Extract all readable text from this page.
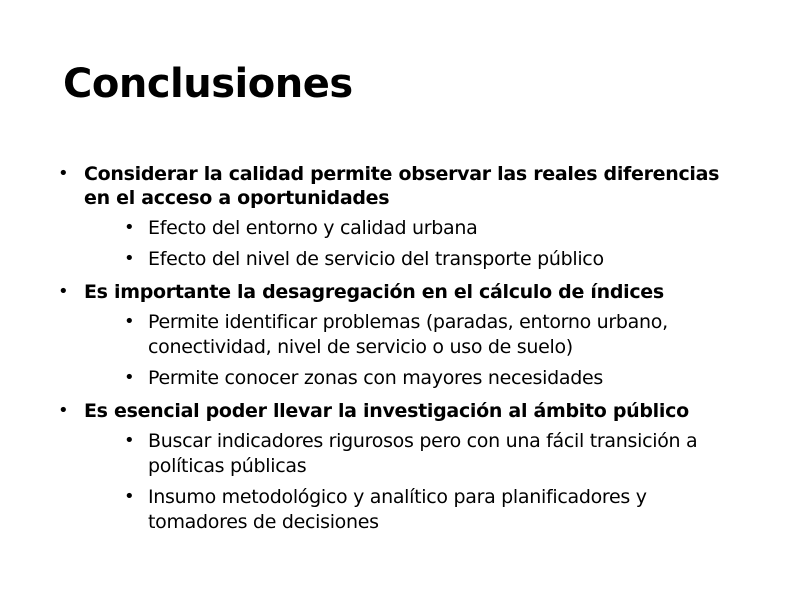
Conclusiones
• Considerar la calidad permite observar las reales diferencias en el acceso a oportunidades
• Efecto del entorno y calidad urbana
• Efecto del nivel de servicio del transporte público
• Es importante la desagregación en el cálculo de índices
• Permite identificar problemas (paradas, entorno urbano, conectividad, nivel de servicio o uso de suelo)
• Permite conocer zonas con mayores necesidades
• Es esencial poder llevar la investigación al ámbito público
• Buscar indicadores rigurosos pero con una fácil transición a políticas públicas
• Insumo metodológico y analítico para planificadores y tomadores de decisiones
